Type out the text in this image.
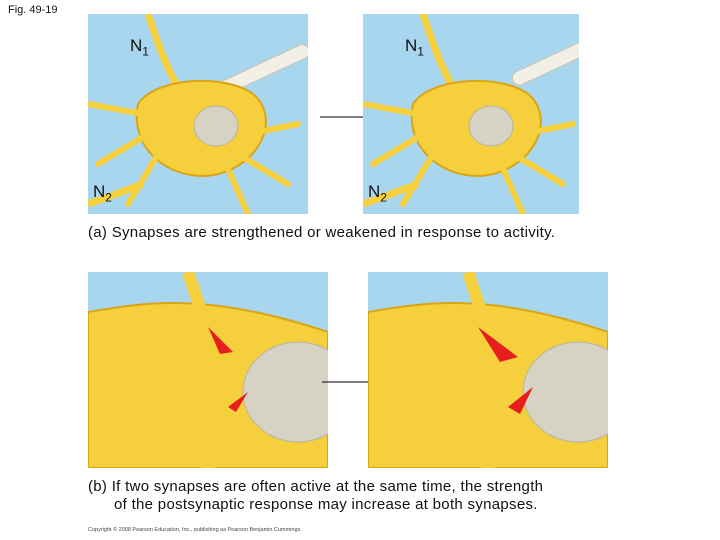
Fig. 49-19
$N_1$
$N_2$
$N_1$
$N_2$
(a) Synapses are strengthened or weakened in response to activity.
(b) If two synapses are often active at the same time, the strength
of the postsynaptic response may increase at both synapses.
Copyright © 2008 Pearson Education, Inc., publishing as Pearson Benjamin Cummings.
